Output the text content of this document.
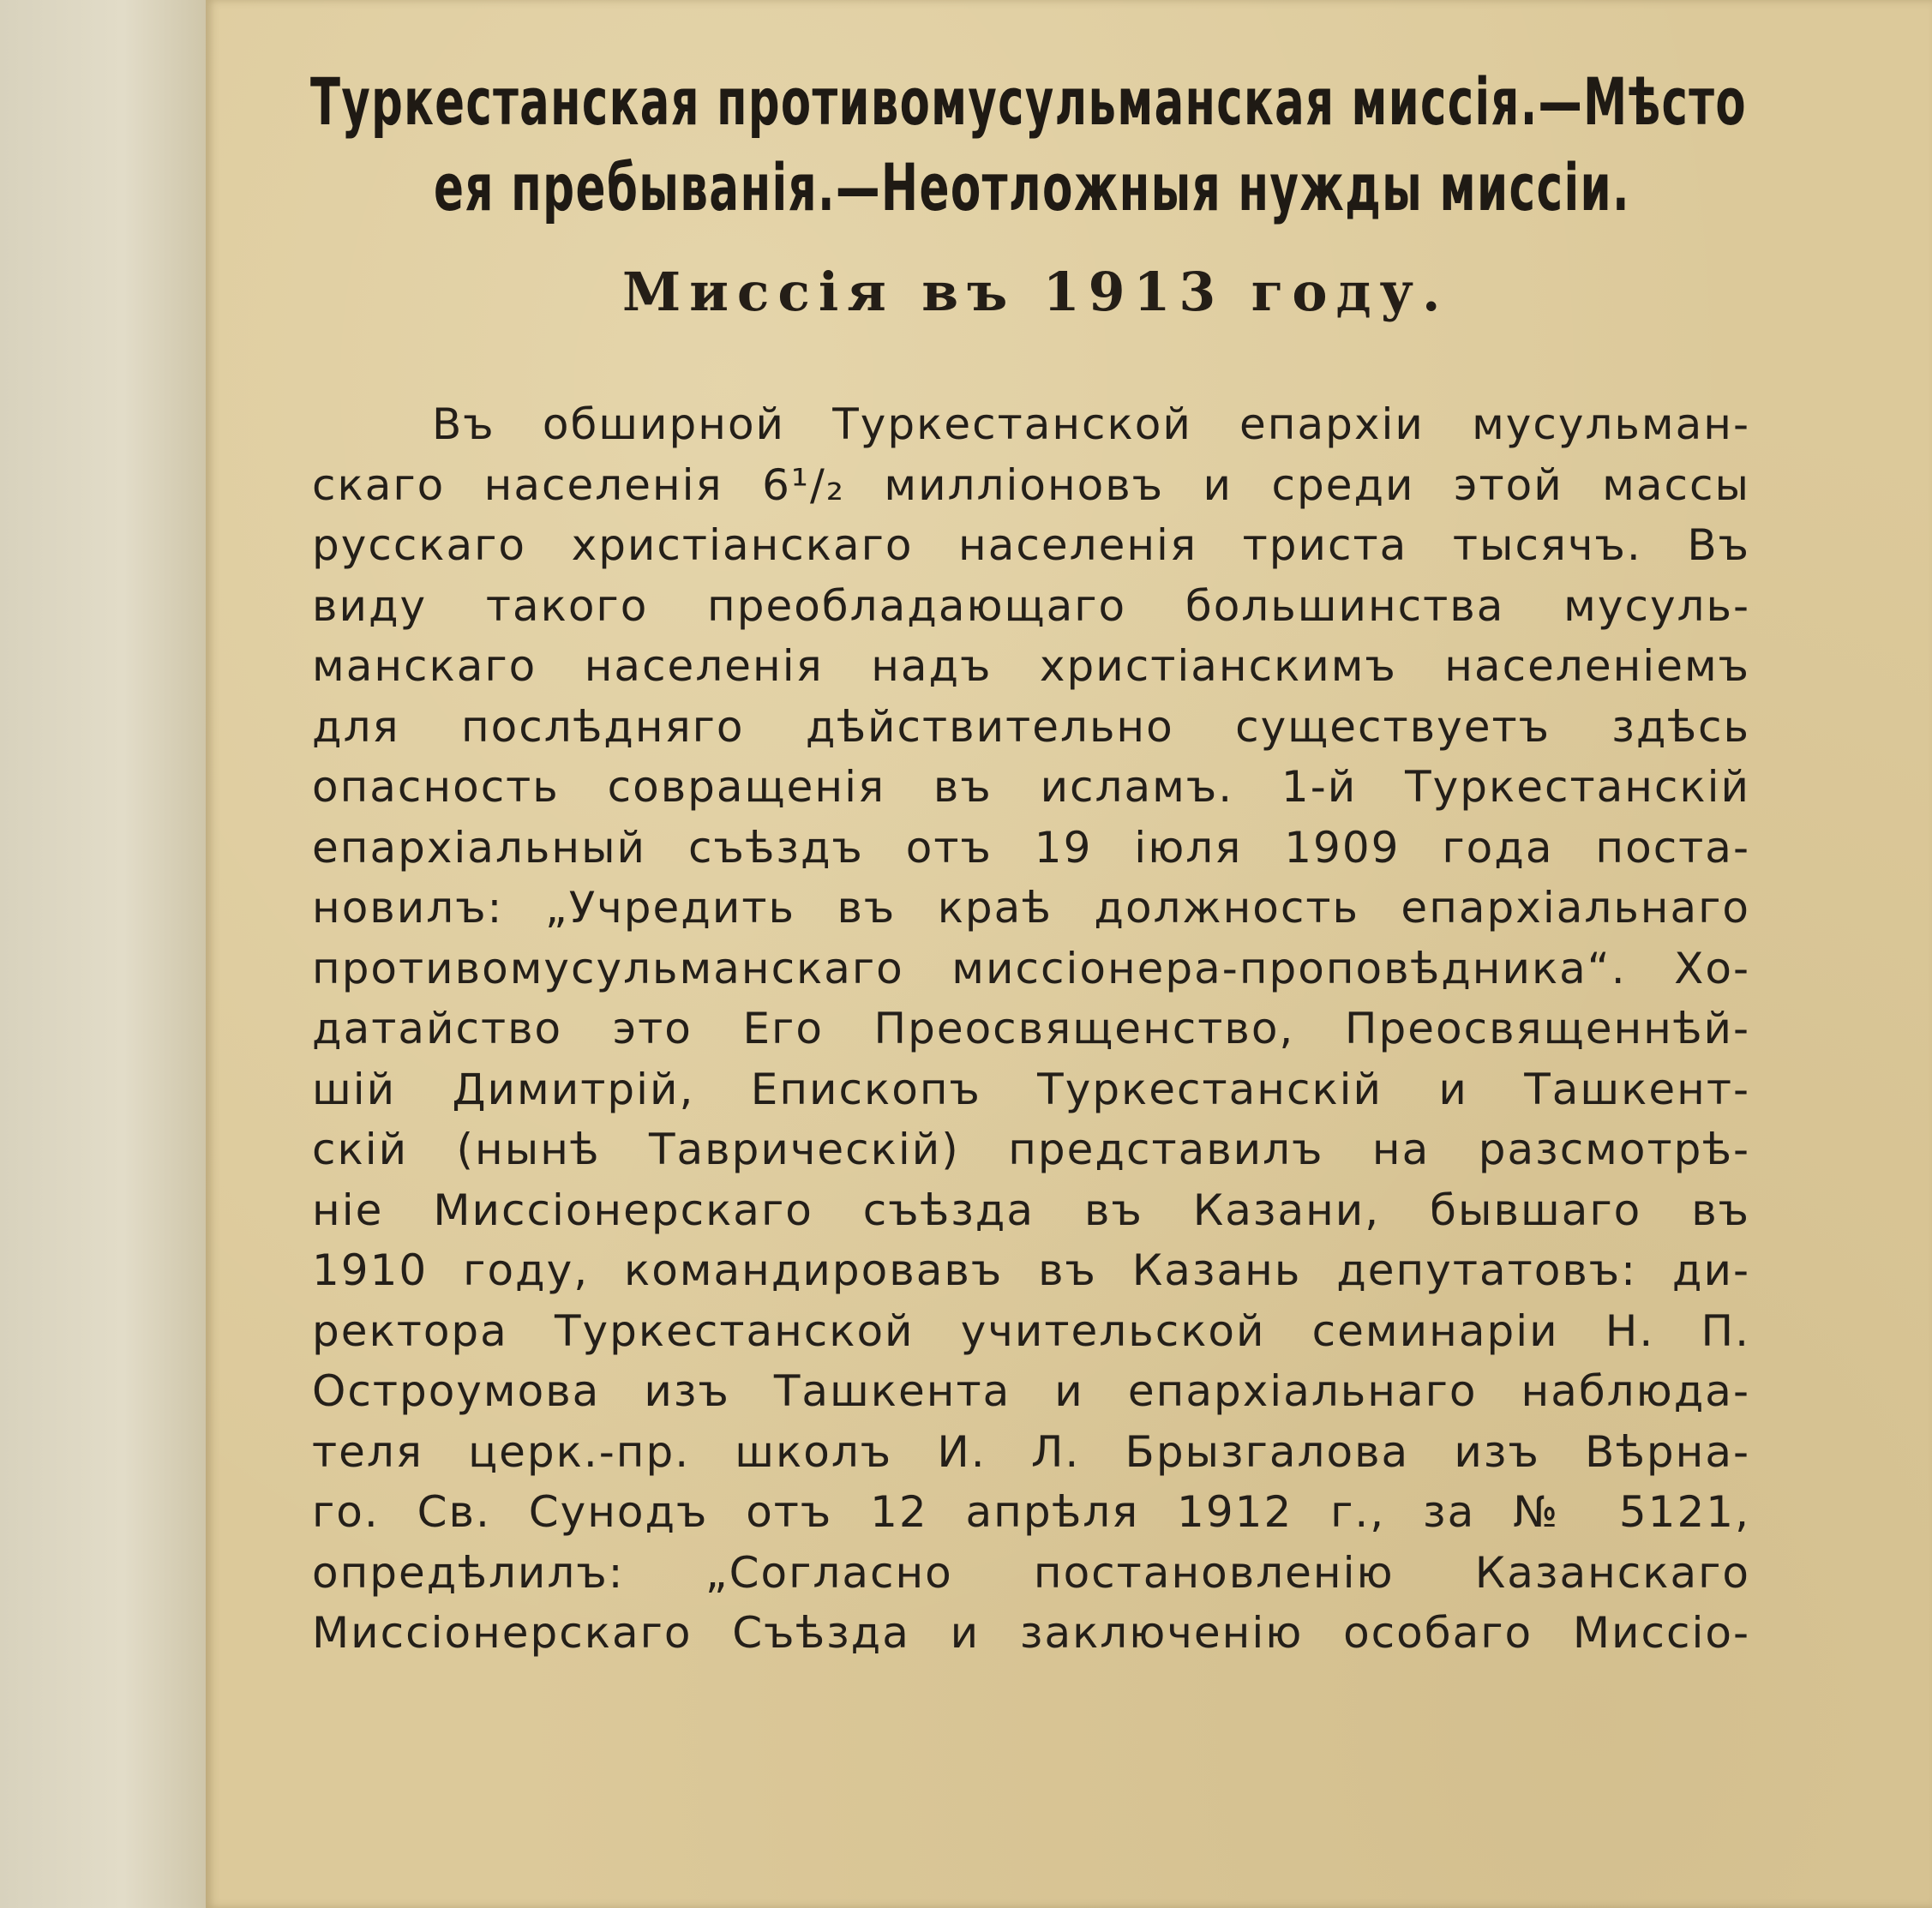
Туркестанская противомусульманская миссія.—Мѣсто
ея пребыванія.—Неотложныя нужды миссіи.
Миссія въ 1913 году.
Въ обширной Туркестанской епархіи мусульман-
скаго населенія 6¹/₂ милліоновъ и среди этой массы
русскаго христіанскаго населенія триста тысячъ. Въ
виду такого преобладающаго большинства мусуль-
манскаго населенія надъ христіанскимъ населеніемъ
для послѣдняго дѣйствительно существуетъ здѣсь
опасность совращенія въ исламъ. 1-й Туркестанскій
епархіальный съѣздъ отъ 19 іюля 1909 года поста-
новилъ: „Учредить въ краѣ должность епархіальнаго
противомусульманскаго миссіонера-проповѣдника“. Хо-
датайство это Его Преосвященство, Преосвященнѣй-
шій Димитрій, Епископъ Туркестанскій и Ташкент-
скій (нынѣ Таврическій) представилъ на разсмотрѣ-
ніе Миссіонерскаго съѣзда въ Казани, бывшаго въ
1910 году, командировавъ въ Казань депутатовъ: ди-
ректора Туркестанской учительской семинаріи Н. П.
Остроумова изъ Ташкента и епархіальнаго наблюда-
теля церк.-пр. школъ И. Л. Брызгалова изъ Вѣрна-
го. Св. Сунодъ отъ 12 апрѣля 1912 г., за № 5121,
опредѣлилъ: „Согласно постановленію Казанскаго
Миссіонерскаго Съѣзда и заключенію особаго Миссіо-
